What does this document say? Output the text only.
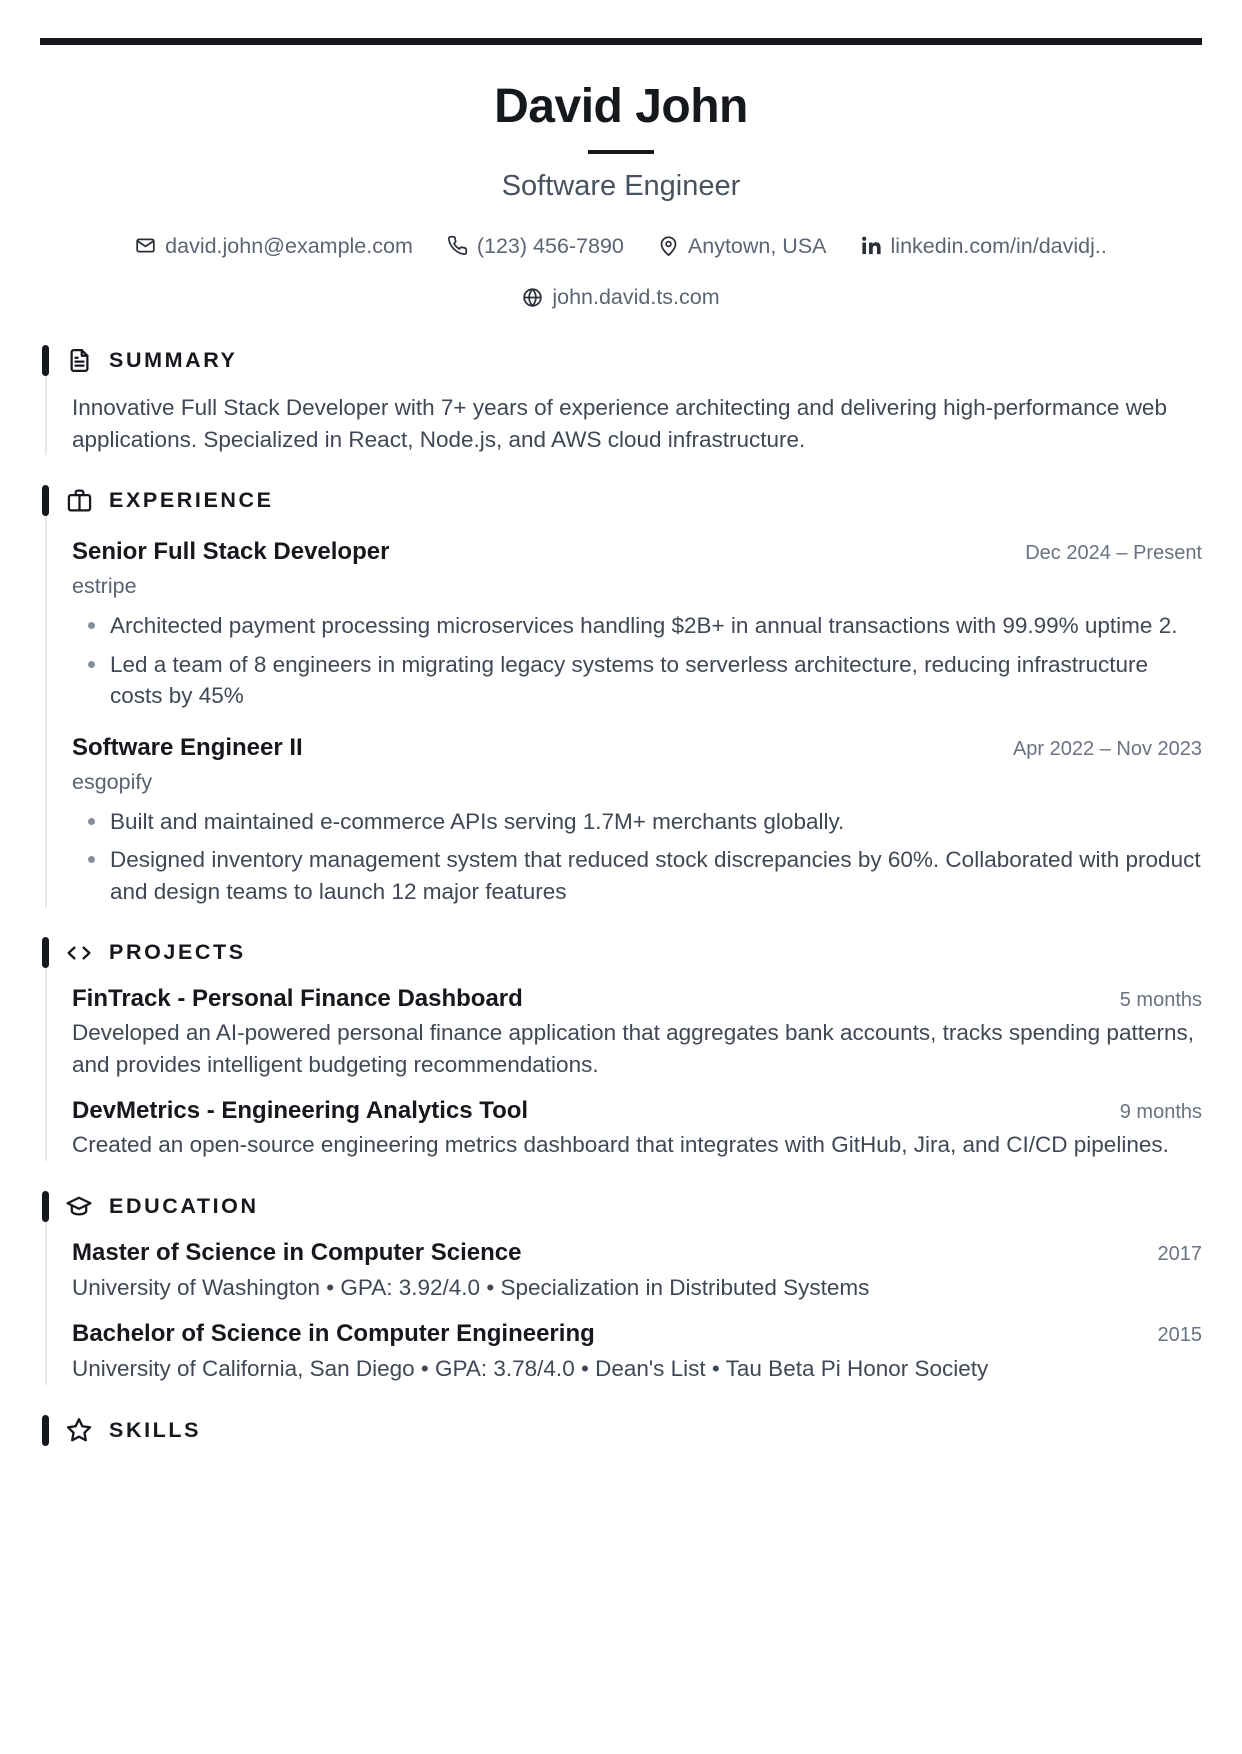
David John
Software Engineer
david.john@example.com	(123) 456-7890	Anytown, USA	linkedin.com/in/davidj..
john.david.ts.com
SUMMARY
Innovative Full Stack Developer with 7+ years of experience architecting and delivering high-performance web applications. Specialized in React, Node.js, and AWS cloud infrastructure.
EXPERIENCE
Senior Full Stack Developer	Dec 2024 – Present
estripe
Architected payment processing microservices handling $2B+ in annual transactions with 99.99% uptime 2.
Led a team of 8 engineers in migrating legacy systems to serverless architecture, reducing infrastructure costs by 45%
Software Engineer II	Apr 2022 – Nov 2023
esgopify
Built and maintained e-commerce APIs serving 1.7M+ merchants globally.
Designed inventory management system that reduced stock discrepancies by 60%. Collaborated with product and design teams to launch 12 major features
PROJECTS
FinTrack - Personal Finance Dashboard	5 months
Developed an AI-powered personal finance application that aggregates bank accounts, tracks spending patterns, and provides intelligent budgeting recommendations.
DevMetrics - Engineering Analytics Tool	9 months
Created an open-source engineering metrics dashboard that integrates with GitHub, Jira, and CI/CD pipelines.
EDUCATION
Master of Science in Computer Science	2017
University of Washington • GPA: 3.92/4.0 • Specialization in Distributed Systems
Bachelor of Science in Computer Engineering	2015
University of California, San Diego • GPA: 3.78/4.0 • Dean's List • Tau Beta Pi Honor Society
SKILLS
